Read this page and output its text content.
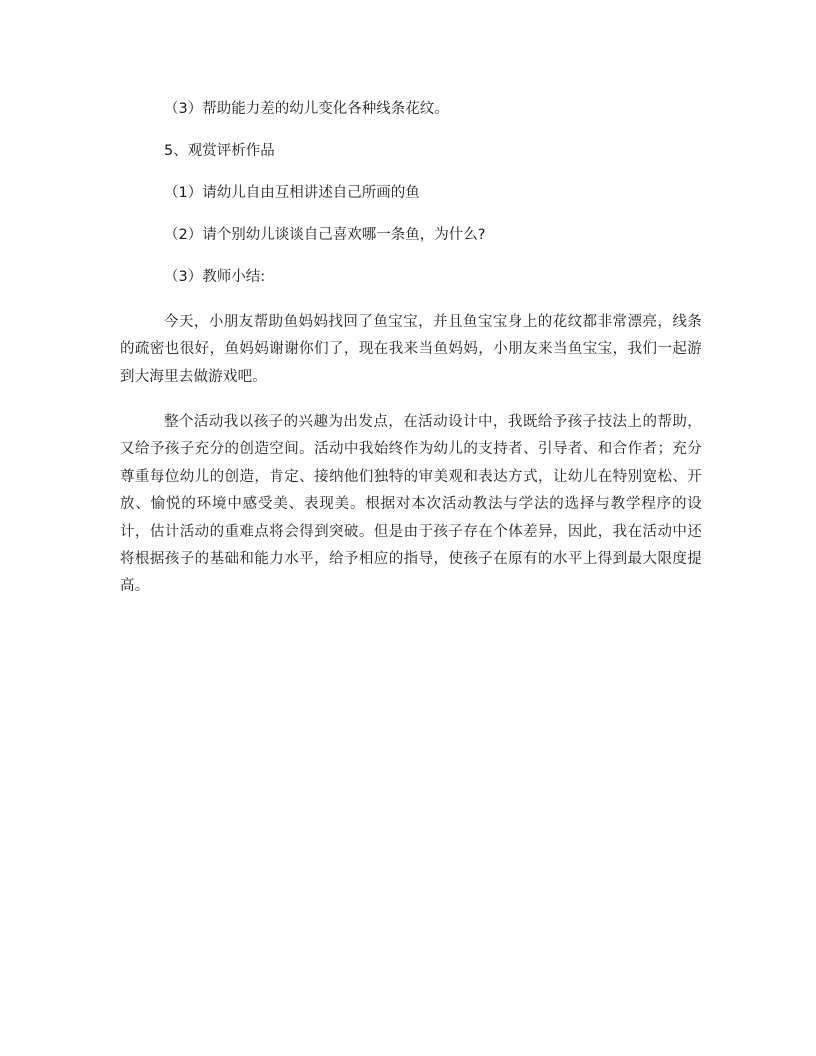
（3）帮助能力差的幼儿变化各种线条花纹。
5、观赏评析作品
（1）请幼儿自由互相讲述自己所画的鱼
（2）请个别幼儿谈谈自己喜欢哪一条鱼，为什么?
（3）教师小结:
今天，小朋友帮助鱼妈妈找回了鱼宝宝，并且鱼宝宝身上的花纹都非常漂亮，线条的疏密也很好，鱼妈妈谢谢你们了，现在我来当鱼妈妈，小朋友来当鱼宝宝，我们一起游到大海里去做游戏吧。
整个活动我以孩子的兴趣为出发点，在活动设计中，我既给予孩子技法上的帮助，又给予孩子充分的创造空间。活动中我始终作为幼儿的支持者、引导者、和合作者；充分尊重每位幼儿的创造，肯定、接纳他们独特的审美观和表达方式，让幼儿在特别宽松、开放、愉悦的环境中感受美、表现美。根据对本次活动教法与学法的选择与教学程序的设计，估计活动的重难点将会得到突破。但是由于孩子存在个体差异，因此，我在活动中还将根据孩子的基础和能力水平，给予相应的指导，使孩子在原有的水平上得到最大限度提高。
